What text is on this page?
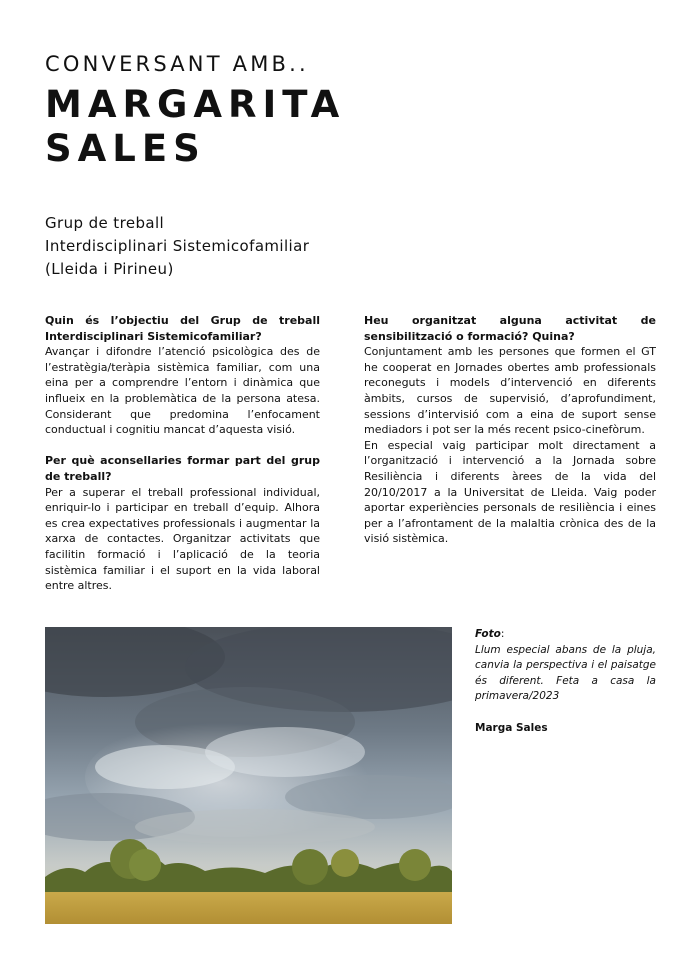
CONVERSANT AMB..
MARGARITA
SALES
Grup de treball
Interdisciplinari Sistemicofamiliar
(Lleida i Pirineu)

Quin és l’objectiu del Grup de treball Interdisciplinari Sistemicofamiliar?

Avançar i difondre l’atenció psicològica des de l’estratègia/teràpia sistèmica familiar, com una eina per a comprendre l’entorn i dinàmica que influeix en la problemàtica de la persona atesa. Considerant que predomina l’enfocament conductual i cognitiu mancat d’aquesta visió.

Per què aconsellaries formar part del grup de treball?

Per a superar el treball professional individual, enriquir-lo i participar en treball d’equip. Alhora es crea expectatives professionals i augmentar la xarxa de contactes. Organitzar activitats que facilitin formació i l’aplicació de la teoria sistèmica familiar i el suport en la vida laboral entre altres.

Heu organitzat alguna activitat de sensibilització o formació? Quina?

Conjuntament amb les persones que formen el GT he cooperat en Jornades obertes amb professionals reconeguts i models d’intervenció en diferents àmbits, cursos de supervisió, d’aprofundiment, sessions d’intervisió com a eina de suport sense mediadors i pot ser la més recent psico-cinefòrum.

En especial vaig participar molt directament a l’organització i intervenció a la Jornada sobre Resiliència i diferents àrees de la vida del 20/10/2017 a la Universitat de Lleida. Vaig poder aportar experiències personals de resiliència i eines per a l’afrontament de la malaltia crònica des de la visió sistèmica.

Foto:

Llum especial abans de la pluja, canvia la perspectiva i el paisatge és diferent. Feta a casa la primavera/2023

Marga Sales
